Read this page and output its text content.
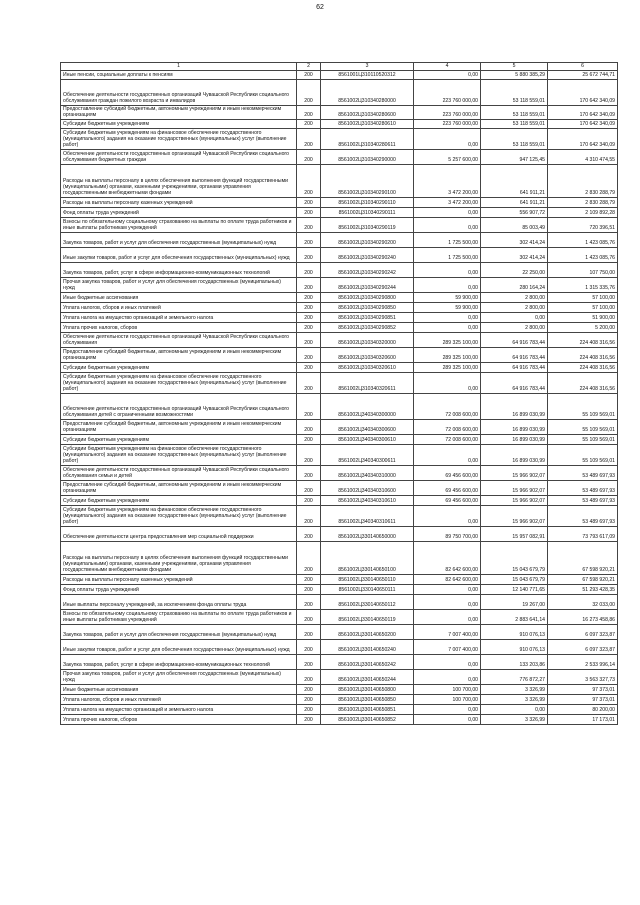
62
1	2	3	4	5	6
Иные пенсии, социальные доплаты к пенсиям	200	8561001Ц310110520312	0,00	5 880 385,29	25 672 744,71
Обеспечение деятельности государственных организаций Чувашской Республики социального обслуживания граждан пожилого возраста и инвалидов	200	8561002Ц310340280000	223 760 000,00	53 118 559,01	170 642 340,09
Предоставление субсидий бюджетным, автономным учреждениям и иным некоммерческим организациям	200	8561002Ц310340280600	223 760 000,00	53 118 559,01	170 642 340,09
Субсидии бюджетным учреждениям	200	8561002Ц310340280610	223 760 000,00	53 118 559,01	170 642 340,09
Субсидии бюджетным учреждениям на финансовое обеспечение государственного (муниципального) задания на оказание государственных (муниципальных) услуг (выполнение работ)	200	8561002Ц310340280611	0,00	53 118 559,01	170 642 340,09
Обеспечение деятельности государственных организаций Чувашской Республики социального обслуживания бюджетных граждан	200	8561002Ц310340290000	5 257 600,00	947 125,45	4 310 474,55
Расходы на выплаты персоналу в целях обеспечения выполнения функций государственными (муниципальными) органами, казенными учреждениями, органами управления государственными внебюджетными фондами	200	8561002Ц310340290100	3 472 200,00	641 911,21	2 830 288,79
Расходы на выплаты персоналу казенных учреждений	200	8561002Ц310340290110	3 472 200,00	641 911,21	2 830 288,79
Фонд оплаты труда учреждений	200	8561002Ц310340290111	0,00	556 907,72	2 109 892,28
Взносы по обязательному социальному страхованию на выплаты по оплате труда работников и иные выплаты работникам учреждений	200	8561002Ц310340290119	0,00	85 003,49	720 396,51
Закупка товаров, работ и услуг для обеспечения государственных (муниципальных) нужд	200	8561002Ц310340290200	1 725 500,00	302 414,24	1 423 085,76
Иные закупки товаров, работ и услуг для обеспечения государственных (муниципальных) нужд	200	8561002Ц310340290240	1 725 500,00	302 414,24	1 423 085,76
Закупка товаров, работ, услуг в сфере информационно-коммуникационных технологий	200	8561002Ц310340290242	0,00	22 250,00	107 750,00
Прочая закупка товаров, работ и услуг для обеспечения государственных (муниципальных) нужд	200	8561002Ц310340290244	0,00	280 164,24	1 315 335,76
Иные бюджетные ассигнования	200	8561002Ц310340290800	59 900,00	2 800,00	57 100,00
Уплата налогов, сборов и иных платежей	200	8561002Ц310340290850	59 900,00	2 800,00	57 100,00
Уплата налога на имущество организаций и земельного налога	200	8561002Ц310340290851	0,00	0,00	51 900,00
Уплата прочих налогов, сборов	200	8561002Ц310340290852	0,00	2 800,00	5 200,00
Обеспечение деятельности государственных организаций Чувашской Республики социального обслуживания	200	8561002Ц310340320000	289 325 100,00	64 916 783,44	224 408 316,56
Предоставление субсидий бюджетным, автономным учреждениям и иным некоммерческим организациям	200	8561002Ц310340320600	289 325 100,00	64 916 783,44	224 408 316,56
Субсидии бюджетным учреждениям	200	8561002Ц310340320610	289 325 100,00	64 916 783,44	224 408 316,56
Субсидии бюджетным учреждениям на финансовое обеспечение государственного (муниципального) задания на оказание государственных (муниципальных) услуг (выполнение работ)	200	8561002Ц310340320611	0,00	64 916 783,44	224 408 316,56
Обеспечение деятельности государственных организаций Чувашской Республики социального обслуживания детей с ограниченными возможностями	200	8561002Ц340340300000	72 008 600,00	16 899 030,99	55 109 569,01
Предоставление субсидий бюджетным, автономным учреждениям и иным некоммерческим организациям	200	8561002Ц340340300600	72 008 600,00	16 899 030,99	55 109 569,01
Субсидии бюджетным учреждениям	200	8561002Ц340340300610	72 008 600,00	16 899 030,99	55 109 569,01
Субсидии бюджетным учреждениям на финансовое обеспечение государственного (муниципального) задания на оказание государственных (муниципальных) услуг (выполнение работ)	200	8561002Ц340340300611	0,00	16 899 030,99	55 109 569,01
Обеспечение деятельности государственных организаций Чувашской Республики социального обслуживания семьи и детей	200	8561002Ц340340310000	69 456 600,00	15 966 902,07	53 489 697,93
Предоставление субсидий бюджетным, автономным учреждениям и иным некоммерческим организациям	200	8561002Ц340340310600	69 456 600,00	15 966 902,07	53 489 697,93
Субсидии бюджетным учреждениям	200	8561002Ц340340310610	69 456 600,00	15 966 902,07	53 489 697,93
Субсидии бюджетным учреждениям на финансовое обеспечение государственного (муниципального) задания на оказание государственных (муниципальных) услуг (выполнение работ)	200	8561002Ц340340310611	0,00	15 966 902,07	53 489 697,93
Обеспечение деятельности центра предоставления мер социальной поддержки	200	8561002Ц330140650000	89 750 700,00	15 957 082,91	73 793 617,09
Расходы на выплаты персоналу в целях обеспечения выполнения функций государственными (муниципальными) органами, казенными учреждениями, органами управления государственными внебюджетными фондами	200	8561002Ц330140650100	82 642 600,00	15 043 679,79	67 598 920,21
Расходы на выплаты персоналу казенных учреждений	200	8561002Ц330140650110	82 642 600,00	15 043 679,79	67 598 920,21
Фонд оплаты труда учреждений	200	8561002Ц330140650111	0,00	12 140 771,65	51 293 428,35
Иные выплаты персоналу учреждений, за исключением фонда оплаты труда	200	8561002Ц330140650112	0,00	19 267,00	32 033,00
Взносы по обязательному социальному страхованию на выплаты по оплате труда работников и иные выплаты работникам учреждений	200	8561002Ц330140650119	0,00	2 883 641,14	16 273 458,86
Закупка товаров, работ и услуг для обеспечения государственных (муниципальных) нужд	200	8561002Ц330140650200	7 007 400,00	910 076,13	6 097 323,87
Иные закупки товаров, работ и услуг для обеспечения государственных (муниципальных) нужд	200	8561002Ц330140650240	7 007 400,00	910 076,13	6 097 323,87
Закупка товаров, работ, услуг в сфере информационно-коммуникационных технологий	200	8561002Ц330140650242	0,00	133 203,86	2 533 996,14
Прочая закупка товаров, работ и услуг для обеспечения государственных (муниципальных) нужд	200	8561002Ц330140650244	0,00	776 872,27	3 563 327,73
Иные бюджетные ассигнования	200	8561002Ц330140650800	100 700,00	3 326,99	97 373,01
Уплата налогов, сборов и иных платежей	200	8561002Ц330140650850	100 700,00	3 326,99	97 373,01
Уплата налога на имущество организаций и земельного налога	200	8561002Ц330140650851	0,00	0,00	80 200,00
Уплата прочих налогов, сборов	200	8561002Ц330140650852	0,00	3 326,99	17 173,01
